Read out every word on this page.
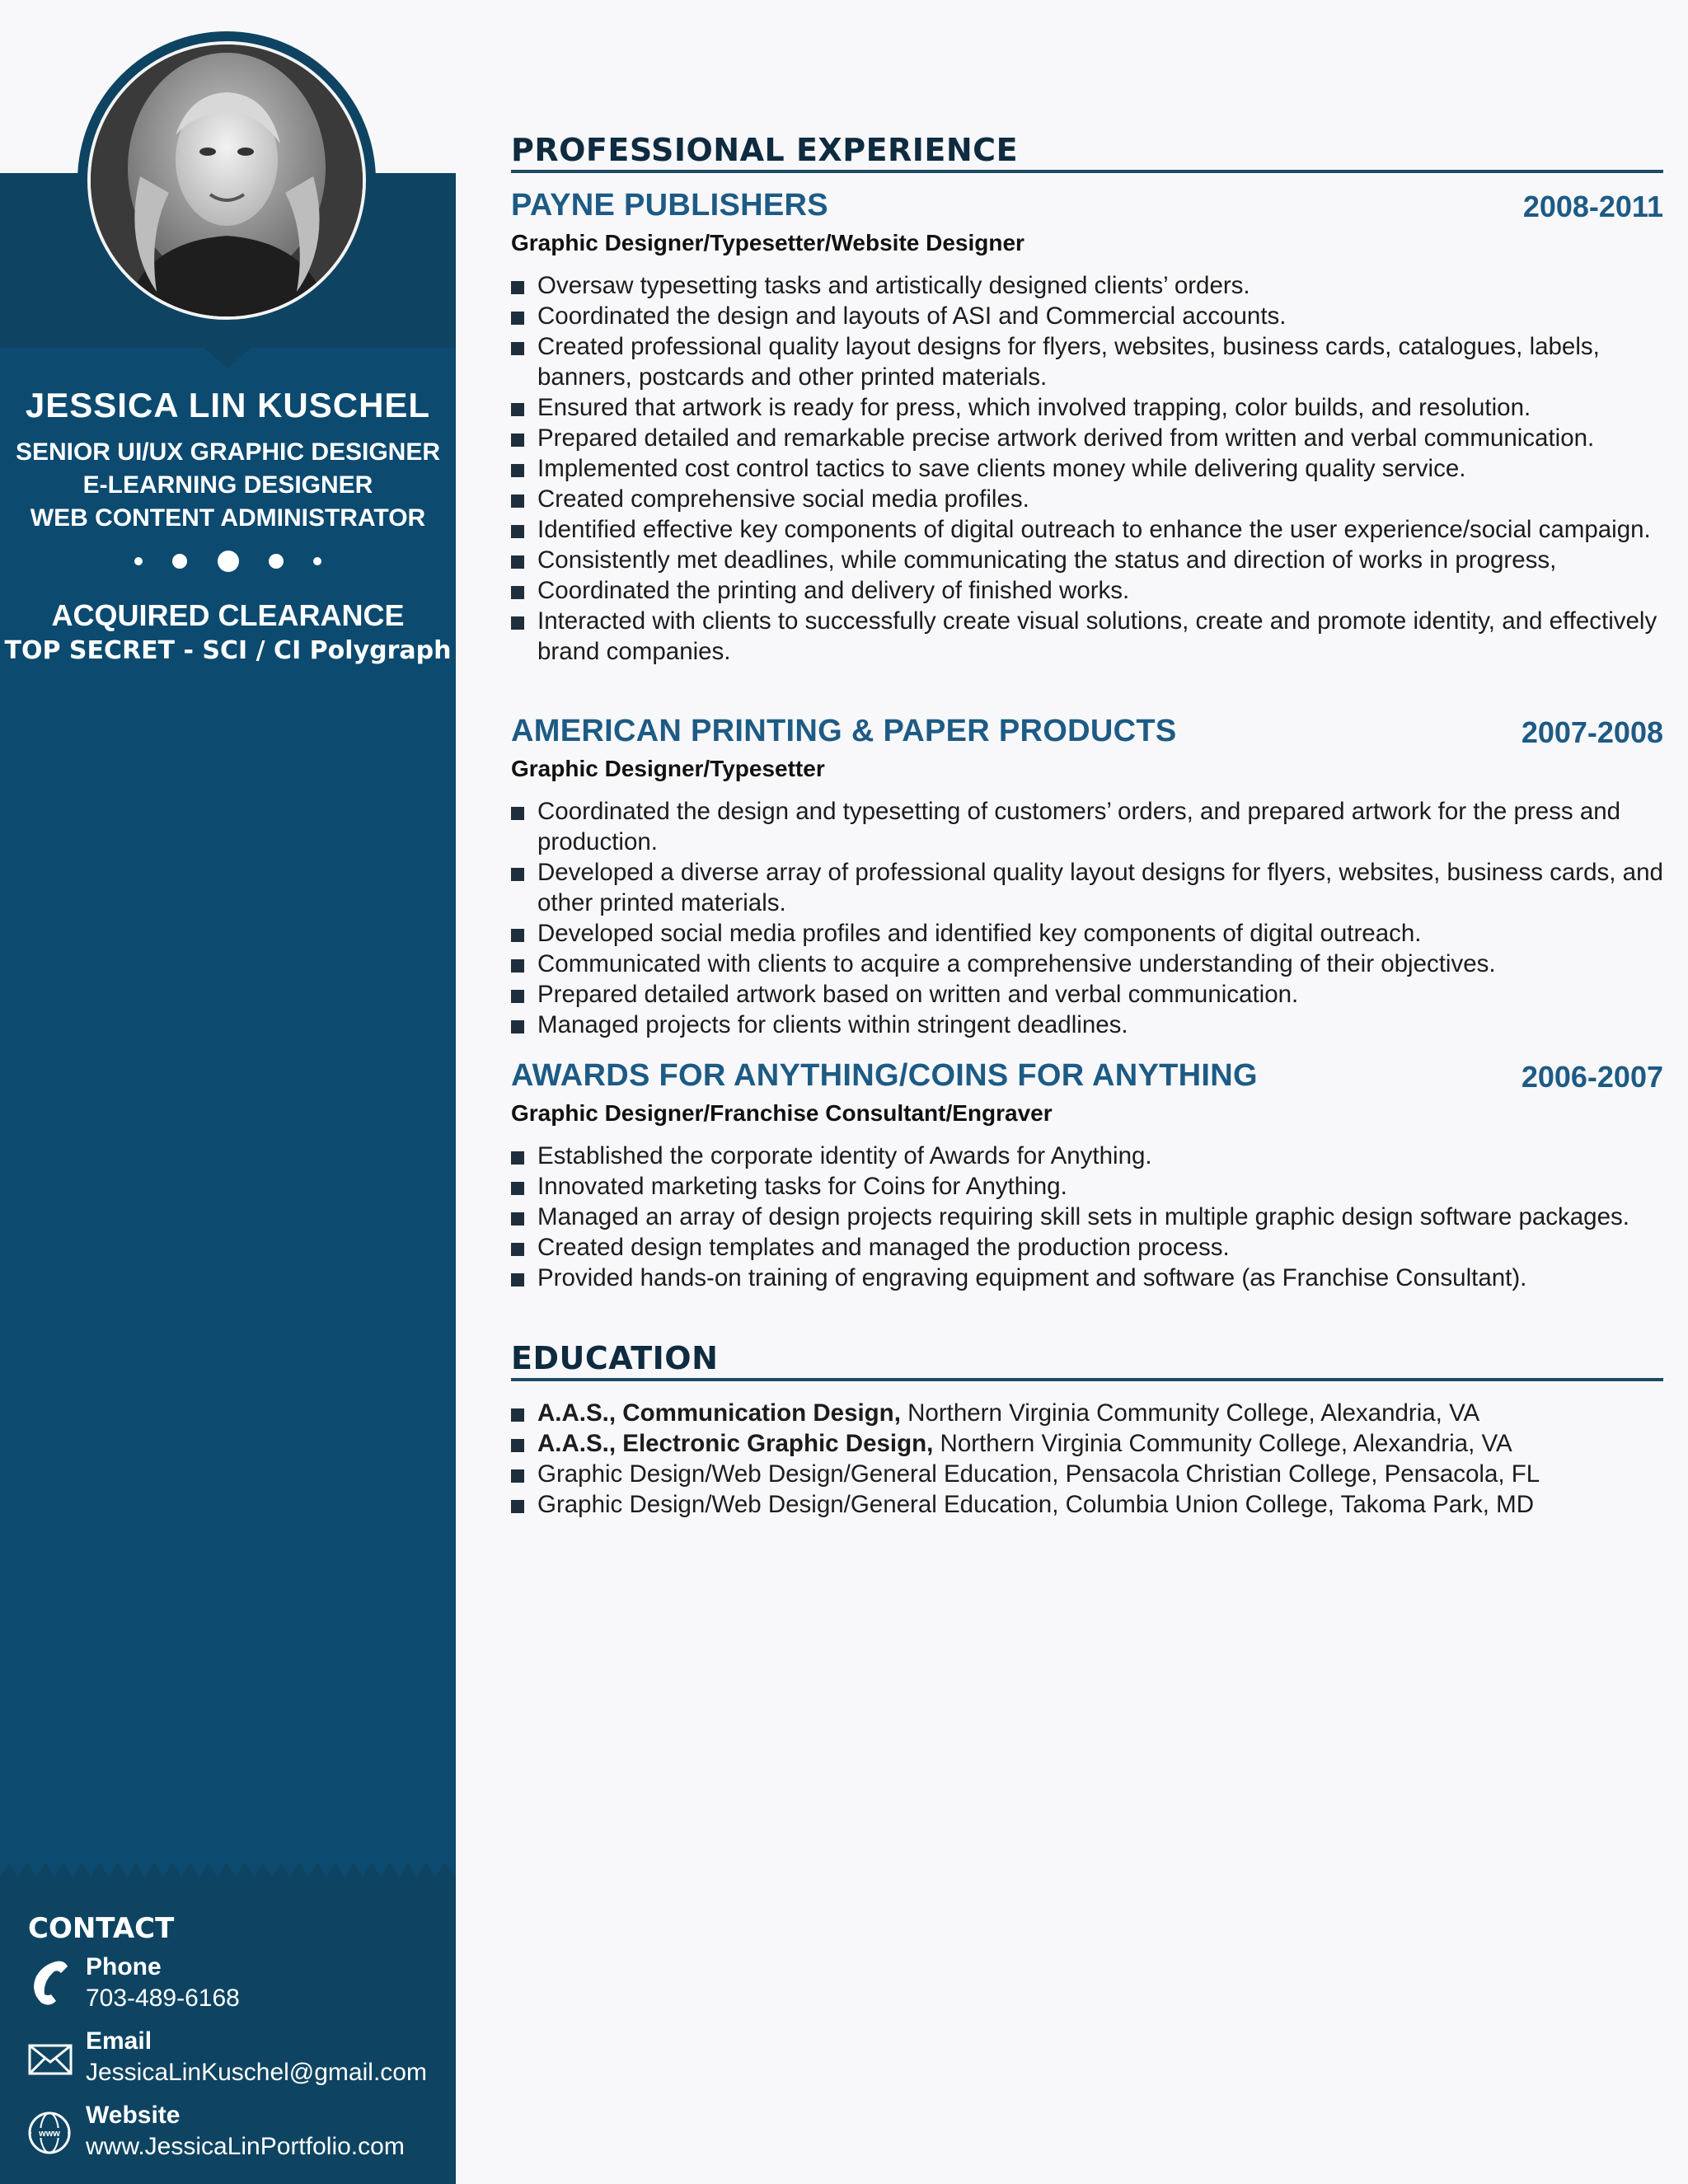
JESSICA LIN KUSCHEL
SENIOR UI/UX GRAPHIC DESIGNER
E-LEARNING DESIGNER
WEB CONTENT ADMINISTRATOR

ACQUIRED CLEARANCE
TOP SECRET - SCI / CI Polygraph
CONTACT
Phone
703-489-6168
Email
JessicaLinKuschel@gmail.com
www
Website
www.JessicaLinPortfolio.com
PROFESSIONAL EXPERIENCE
PAYNE PUBLISHERS	2008-2011
Graphic Designer/Typesetter/Website Designer
Oversaw typesetting tasks and artistically designed clients’ orders.
Coordinated the design and layouts of ASI and Commercial accounts.
Created professional quality layout designs for flyers, websites, business cards, catalogues, labels, banners, postcards and other printed materials.
Ensured that artwork is ready for press, which involved trapping, color builds, and resolution.
Prepared detailed and remarkable precise artwork derived from written and verbal communication.
Implemented cost control tactics to save clients money while delivering quality service.
Created comprehensive social media profiles.
Identified effective key components of digital outreach to enhance the user experience/social campaign.
Consistently met deadlines, while communicating the status and direction of works in progress,
Coordinated the printing and delivery of finished works.
Interacted with clients to successfully create visual solutions, create and promote identity, and effectively brand companies.
AMERICAN PRINTING & PAPER PRODUCTS	2007-2008
Graphic Designer/Typesetter
Coordinated the design and typesetting of customers’ orders, and prepared artwork for the press and production.
Developed a diverse array of professional quality layout designs for flyers, websites, business cards, and other printed materials.
Developed social media profiles and identified key components of digital outreach.
Communicated with clients to acquire a comprehensive understanding of their objectives.
Prepared detailed artwork based on written and verbal communication.
Managed projects for clients within stringent deadlines.
AWARDS FOR ANYTHING/COINS FOR ANYTHING	2006-2007
Graphic Designer/Franchise Consultant/Engraver
Established the corporate identity of Awards for Anything.
Innovated marketing tasks for Coins for Anything.
Managed an array of design projects requiring skill sets in multiple graphic design software packages.
Created design templates and managed the production process.
Provided hands-on training of engraving equipment and software (as Franchise Consultant).
EDUCATION
A.A.S., Communication Design, Northern Virginia Community College, Alexandria, VA
A.A.S., Electronic Graphic Design, Northern Virginia Community College, Alexandria, VA
Graphic Design/Web Design/General Education, Pensacola Christian College, Pensacola, FL
Graphic Design/Web Design/General Education, Columbia Union College, Takoma Park, MD
